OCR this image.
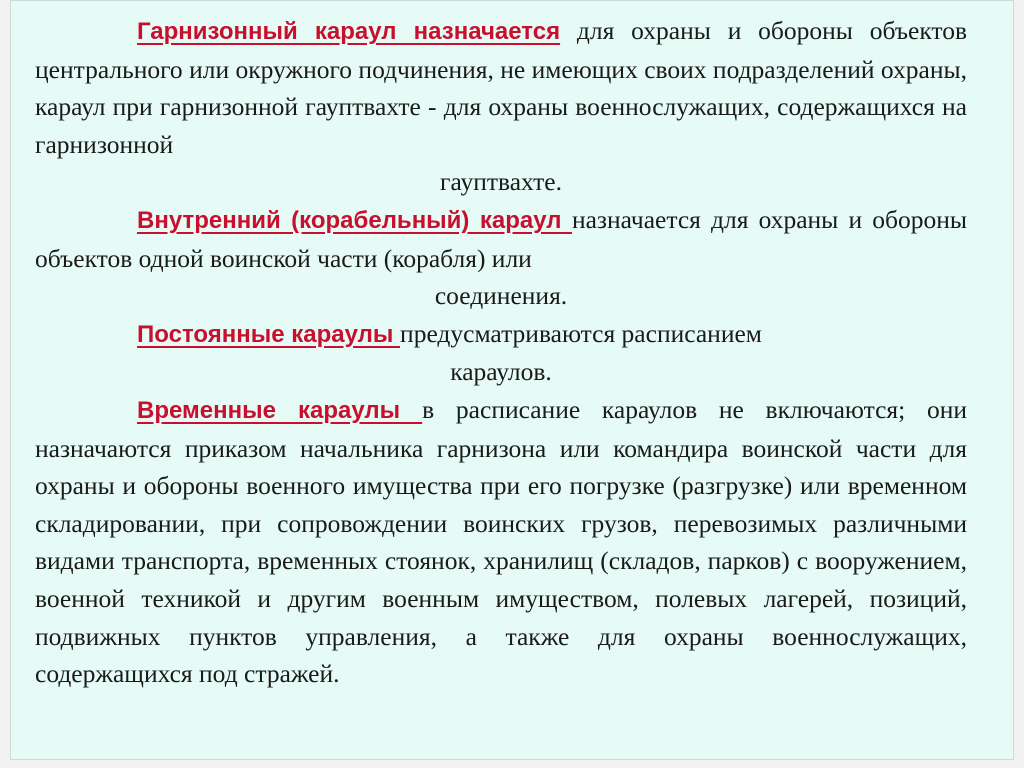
Гарнизонный караул назначается для охраны и обороны объектов центрального или окружного подчинения, не имеющих своих подразделений охраны, караул при гарнизонной гауптвахте - для охраны военнослужащих, содержащихся на гарнизонной

гауптвахте.

Внутренний (корабельный) караул назначается для охраны и обороны объектов одной воинской части (корабля) или

соединения.

Постоянные караулы предусматриваются расписанием

караулов.

Временные караулы в расписание караулов не включаются; они назначаются приказом начальника гарнизона или командира воинской части для охраны и обороны военного имущества при его погрузке (разгрузке) или временном складировании, при сопровождении воинских грузов, перевозимых различными видами транспорта, временных стоянок, хранилищ (складов, парков) с вооружением, военной техникой и другим военным имуществом, полевых лагерей, позиций, подвижных пунктов управления, а также для охраны военнослужащих, содержащихся под стражей.
